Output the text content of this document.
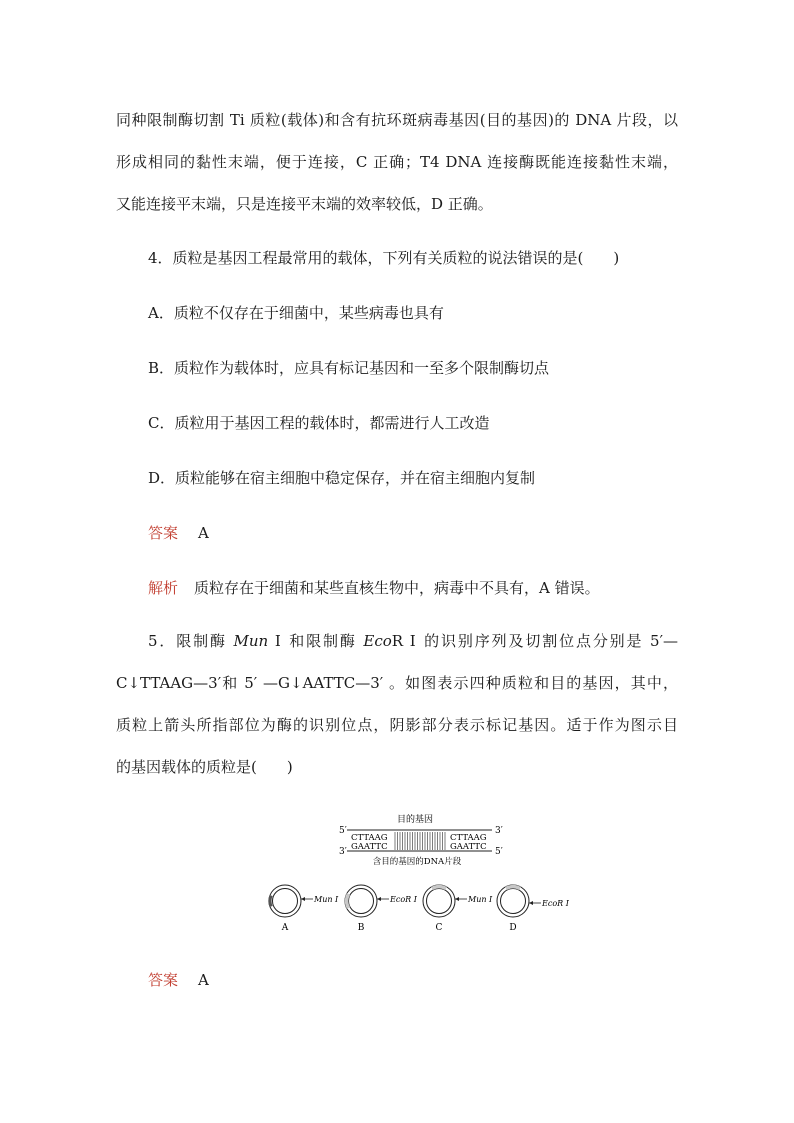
同种限制酶切割 Ti 质粒(载体)和含有抗环斑病毒基因(目的基因)的 DNA 片段，以
形成相同的黏性末端，便于连接，C 正确；T4 DNA 连接酶既能连接黏性末端，
又能连接平末端，只是连接平末端的效率较低，D 正确。
4．质粒是基因工程最常用的载体，下列有关质粒的说法错误的是(　　)
A．质粒不仅存在于细菌中，某些病毒也具有
B．质粒作为载体时，应具有标记基因和一至多个限制酶切点
C．质粒用于基因工程的载体时，都需进行人工改造
D．质粒能够在宿主细胞中稳定保存，并在宿主细胞内复制
答案 A
解析 质粒存在于细菌和某些直核生物中，病毒中不具有，A 错误。
5．限制酶 Mun Ⅰ 和限制酶 EcoR Ⅰ 的识别序列及切割位点分别是 5′—
C↓TTAAG—3′和 5′ —G↓AATTC—3′ 。如图表示四种质粒和目的基因，其中，
质粒上箭头所指部位为酶的识别位点，阴影部分表示标记基因。适于作为图示目
的基因载体的质粒是(　　)
目的基因
5′	3′
3′	5′
CTTAAG
GAATTC
CTTAAG
GAATTC
含目的基因的DNA片段
Mun Ⅰ
A
EcoR Ⅰ
B
Mun Ⅰ
C
EcoR Ⅰ
D
答案 A
